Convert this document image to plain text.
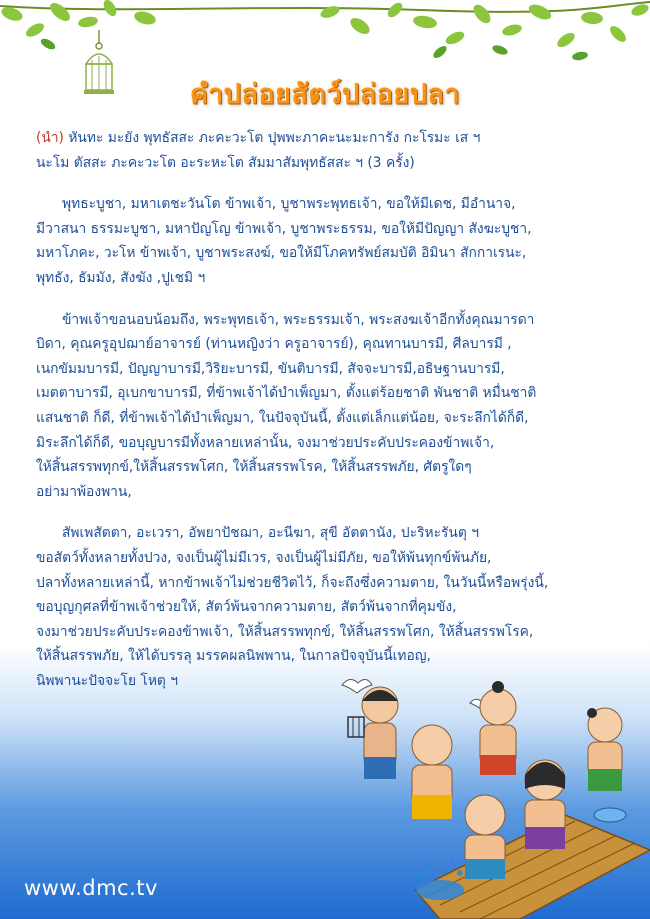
คำปล่อยสัตว์ปล่อยปลา
(นำ) หันทะ มะยัง พุทธัสสะ ภะคะวะโต ปุพพะภาคะนะมะการัง กะโรมะ เส ฯ
นะโม ตัสสะ ภะคะวะโต อะระหะโต สัมมาสัมพุทธัสสะ ฯ (3 ครั้ง)
พุทธะบูชา, มหาเตชะวันโต ข้าพเจ้า, บูชาพระพุทธเจ้า, ขอให้มีเดช, มีอำนาจ,
มีวาสนา ธรรมะบูชา, มหาปัญโญ ข้าพเจ้า, บูชาพระธรรม, ขอให้มีปัญญา สังฆะบูชา,
มหาโภคะ, วะโห ข้าพเจ้า, บูชาพระสงฆ์, ขอให้มีโภคทรัพย์สมบัติ อิมินา สักกาเรนะ,
พุทธัง, ธัมมัง, สังฆัง ,ปูเชมิ ฯ
ข้าพเจ้าขอนอบน้อมถึง, พระพุทธเจ้า, พระธรรมเจ้า, พระสงฆเจ้าอีกทั้งคุณมารดา
บิดา, คุณครูอุปฌาย์อาจารย์ (ท่านหญิงว่า ครูอาจารย์), คุณทานบารมี, ศีลบารมี ,
เนกขัมมบารมี, ปัญญาบารมี,วิริยะบารมี, ขันติบารมี, สัจจะบารมี,อธิษฐานบารมี,
เมตตาบารมี, อุเบกขาบารมี, ที่ข้าพเจ้าได้บำเพ็ญมา, ตั้งแต่ร้อยชาติ พันชาติ หมื่นชาติ
แสนชาติ ก็ดี, ที่ข้าพเจ้าได้บำเพ็ญมา, ในปัจจุบันนี้, ตั้งแต่เล็กแต่น้อย, จะระลึกได้ก็ดี,
มิระลึกได้ก็ดี, ขอบุญบารมีทั้งหลายเหล่านั้น, จงมาช่วยประคับประคองข้าพเจ้า,
ให้สิ้นสรรพทุกข์,ให้สิ้นสรรพโศก, ให้สิ้นสรรพโรค, ให้สิ้นสรรพภัย, ศัตรูใดๆ
อย่ามาพ้องพาน,
สัพเพสัตตา, อะเวรา, อัพยาปัชฌา, อะนีฆา, สุขี อัตตานัง, ปะริหะรันตุ ฯ
ขอสัตว์ทั้งหลายทั้งปวง, จงเป็นผู้ไม่มีเวร, จงเป็นผู้ไม่มีภัย, ขอให้พ้นทุกข์พ้นภัย,
ปลาทั้งหลายเหล่านี้, หากข้าพเจ้าไม่ช่วยชีวิตไว้, ก็จะถึงซึ่งความตาย, ในวันนี้หรือพรุ่งนี้,
ขอบุญกุศลที่ข้าพเจ้าช่วยให้, สัตว์พ้นจากความตาย, สัตว์พ้นจากที่คุมขัง,
จงมาช่วยประคับประคองข้าพเจ้า, ให้สิ้นสรรพทุกข์, ให้สิ้นสรรพโศก, ให้สิ้นสรรพโรค,
ให้สิ้นสรรพภัย, ให้ได้บรรลุ มรรคผลนิพพาน, ในกาลปัจจุบันนี้เทอญ,
นิพพานะปัจจะโย โหตุ ฯ
www.dmc.tv
